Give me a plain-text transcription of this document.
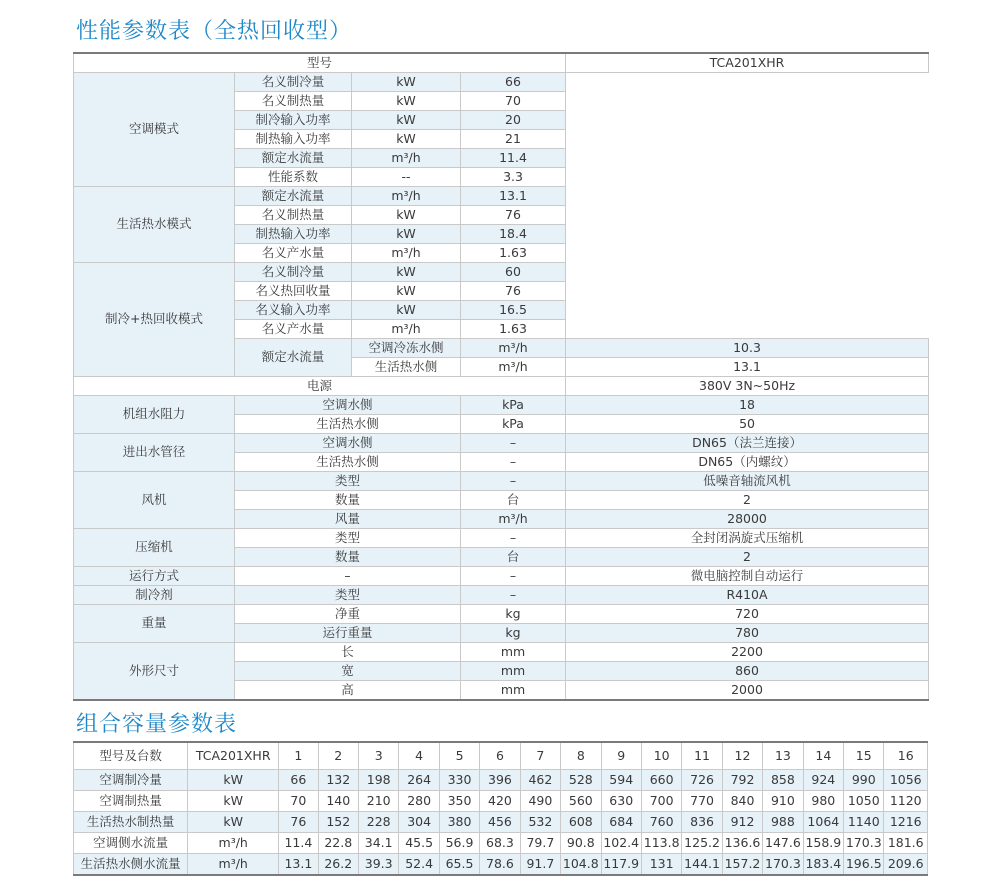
性能参数表（全热回收型）
型号				TCA201XHR
空调模式	名义制冷量	kW	66	
	名义制热量	kW	70	
	制冷输入功率	kW	20	
	制热输入功率	kW	21	
	额定水流量	m³/h	11.4	
	性能系数	--	3.3	
生活热水模式	额定水流量	m³/h	13.1	
	名义制热量	kW	76	
	制热输入功率	kW	18.4	
	名义产水量	m³/h	1.63	
制冷+热回收模式	名义制冷量	kW	60	
	名义热回收量	kW	76	
	名义输入功率	kW	16.5	
	名义产水量	m³/h	1.63	
	额定水流量	空调冷冻水侧	m³/h	10.3
		生活热水侧	m³/h	13.1
电源				380V 3N~50Hz
机组水阻力	空调水侧		kPa	18
	生活热水侧		kPa	50
进出水管径	空调水侧		–	DN65（法兰连接）
	生活热水侧		–	DN65（内螺纹）
风机	类型		–	低噪音轴流风机
	数量		台	2
	风量		m³/h	28000
压缩机	类型		–	全封闭涡旋式压缩机
	数量		台	2
运行方式	–		–	微电脑控制自动运行
制冷剂	类型		–	R410A
重量	净重		kg	720
	运行重量		kg	780
外形尺寸	长		mm	2200
	宽		mm	860
	高		mm	2000
组合容量参数表
型号及台数	TCA201XHR	1	2	3	4	5	6	7	8	9	10	11	12	13	14	15	16
空调制冷量	kW	66	132	198	264	330	396	462	528	594	660	726	792	858	924	990	1056
空调制热量	kW	70	140	210	280	350	420	490	560	630	700	770	840	910	980	1050	1120
生活热水制热量	kW	76	152	228	304	380	456	532	608	684	760	836	912	988	1064	1140	1216
空调侧水流量	m³/h	11.4	22.8	34.1	45.5	56.9	68.3	79.7	90.8	102.4	113.8	125.2	136.6	147.6	158.9	170.3	181.6
生活热水侧水流量	m³/h	13.1	26.2	39.3	52.4	65.5	78.6	91.7	104.8	117.9	131	144.1	157.2	170.3	183.4	196.5	209.6
